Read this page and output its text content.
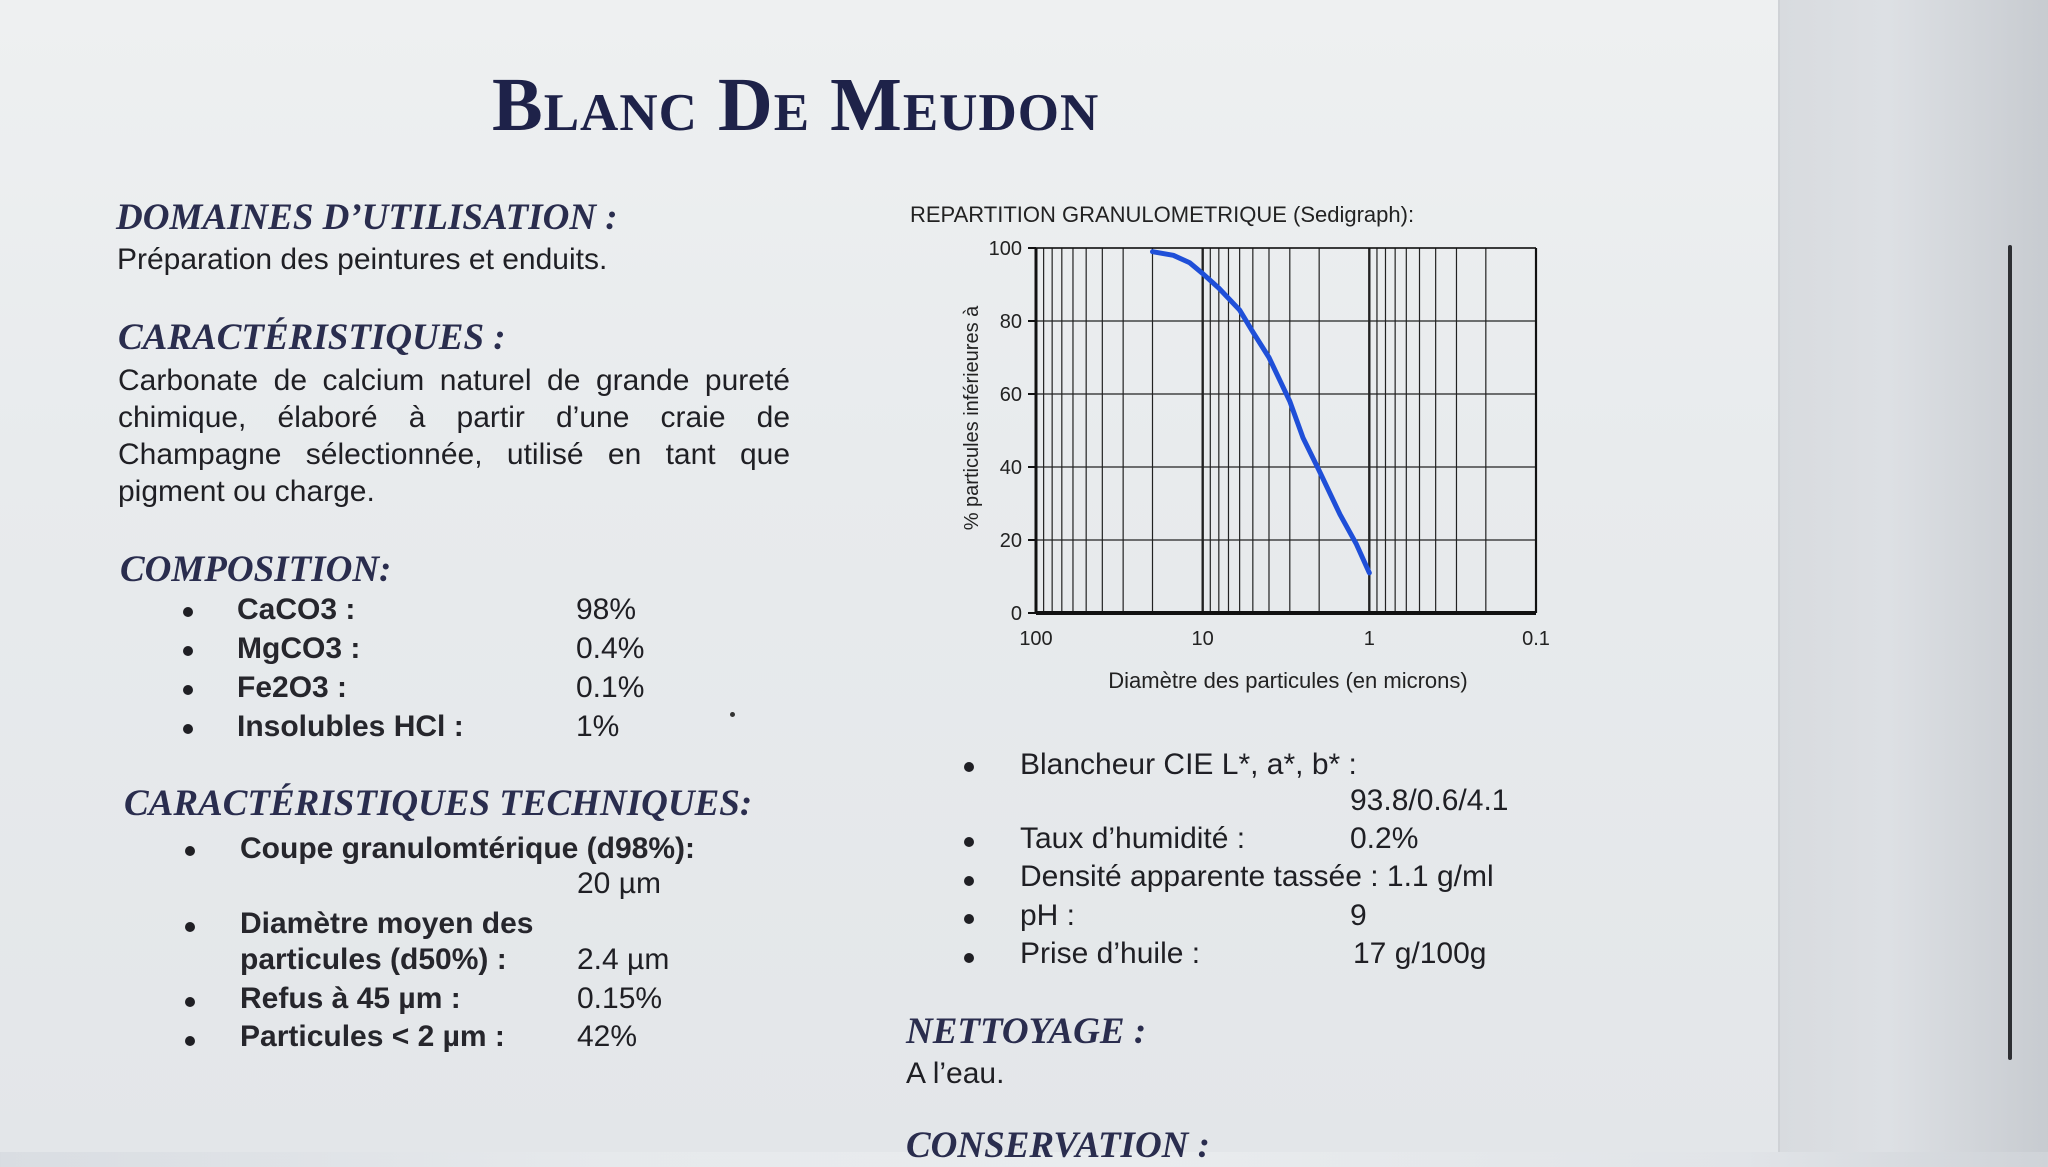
Blanc De Meudon
DOMAINES D’UTILISATION :
Préparation des peintures et enduits.
CARACTÉRISTIQUES :
Carbonate de calcium naturel de grande pureté chimique, élaboré à partir d’une craie de Champagne sélectionnée, utilisé en tant que pigment ou charge.
COMPOSITION:
CaCO3 :	98%
MgCO3 :	0.4%
Fe2O3 :	0.1%
Insolubles HCl :	1%
CARACTÉRISTIQUES TECHNIQUES:
Coupe granulomtérique (d98%):
20 µm
Diamètre moyen des
particules (d50%) : 2.4 µm
Refus à 45 µm :	0.15%
Particules < 2 µm : 42%
REPARTITION GRANULOMETRIQUE (Sedigraph):
0
20
40
60
80
100
100	10	1	0.1
% particules inférieures à
Diamètre des particules (en microns)
Blancheur CIE L*, a*, b* :
93.8/0.6/4.1
Taux d’humidité :	0.2%
Densité apparente tassée : 1.1 g/ml
pH :	9
Prise d’huile :	17 g/100g
NETTOYAGE :
A l’eau.
CONSERVATION :
